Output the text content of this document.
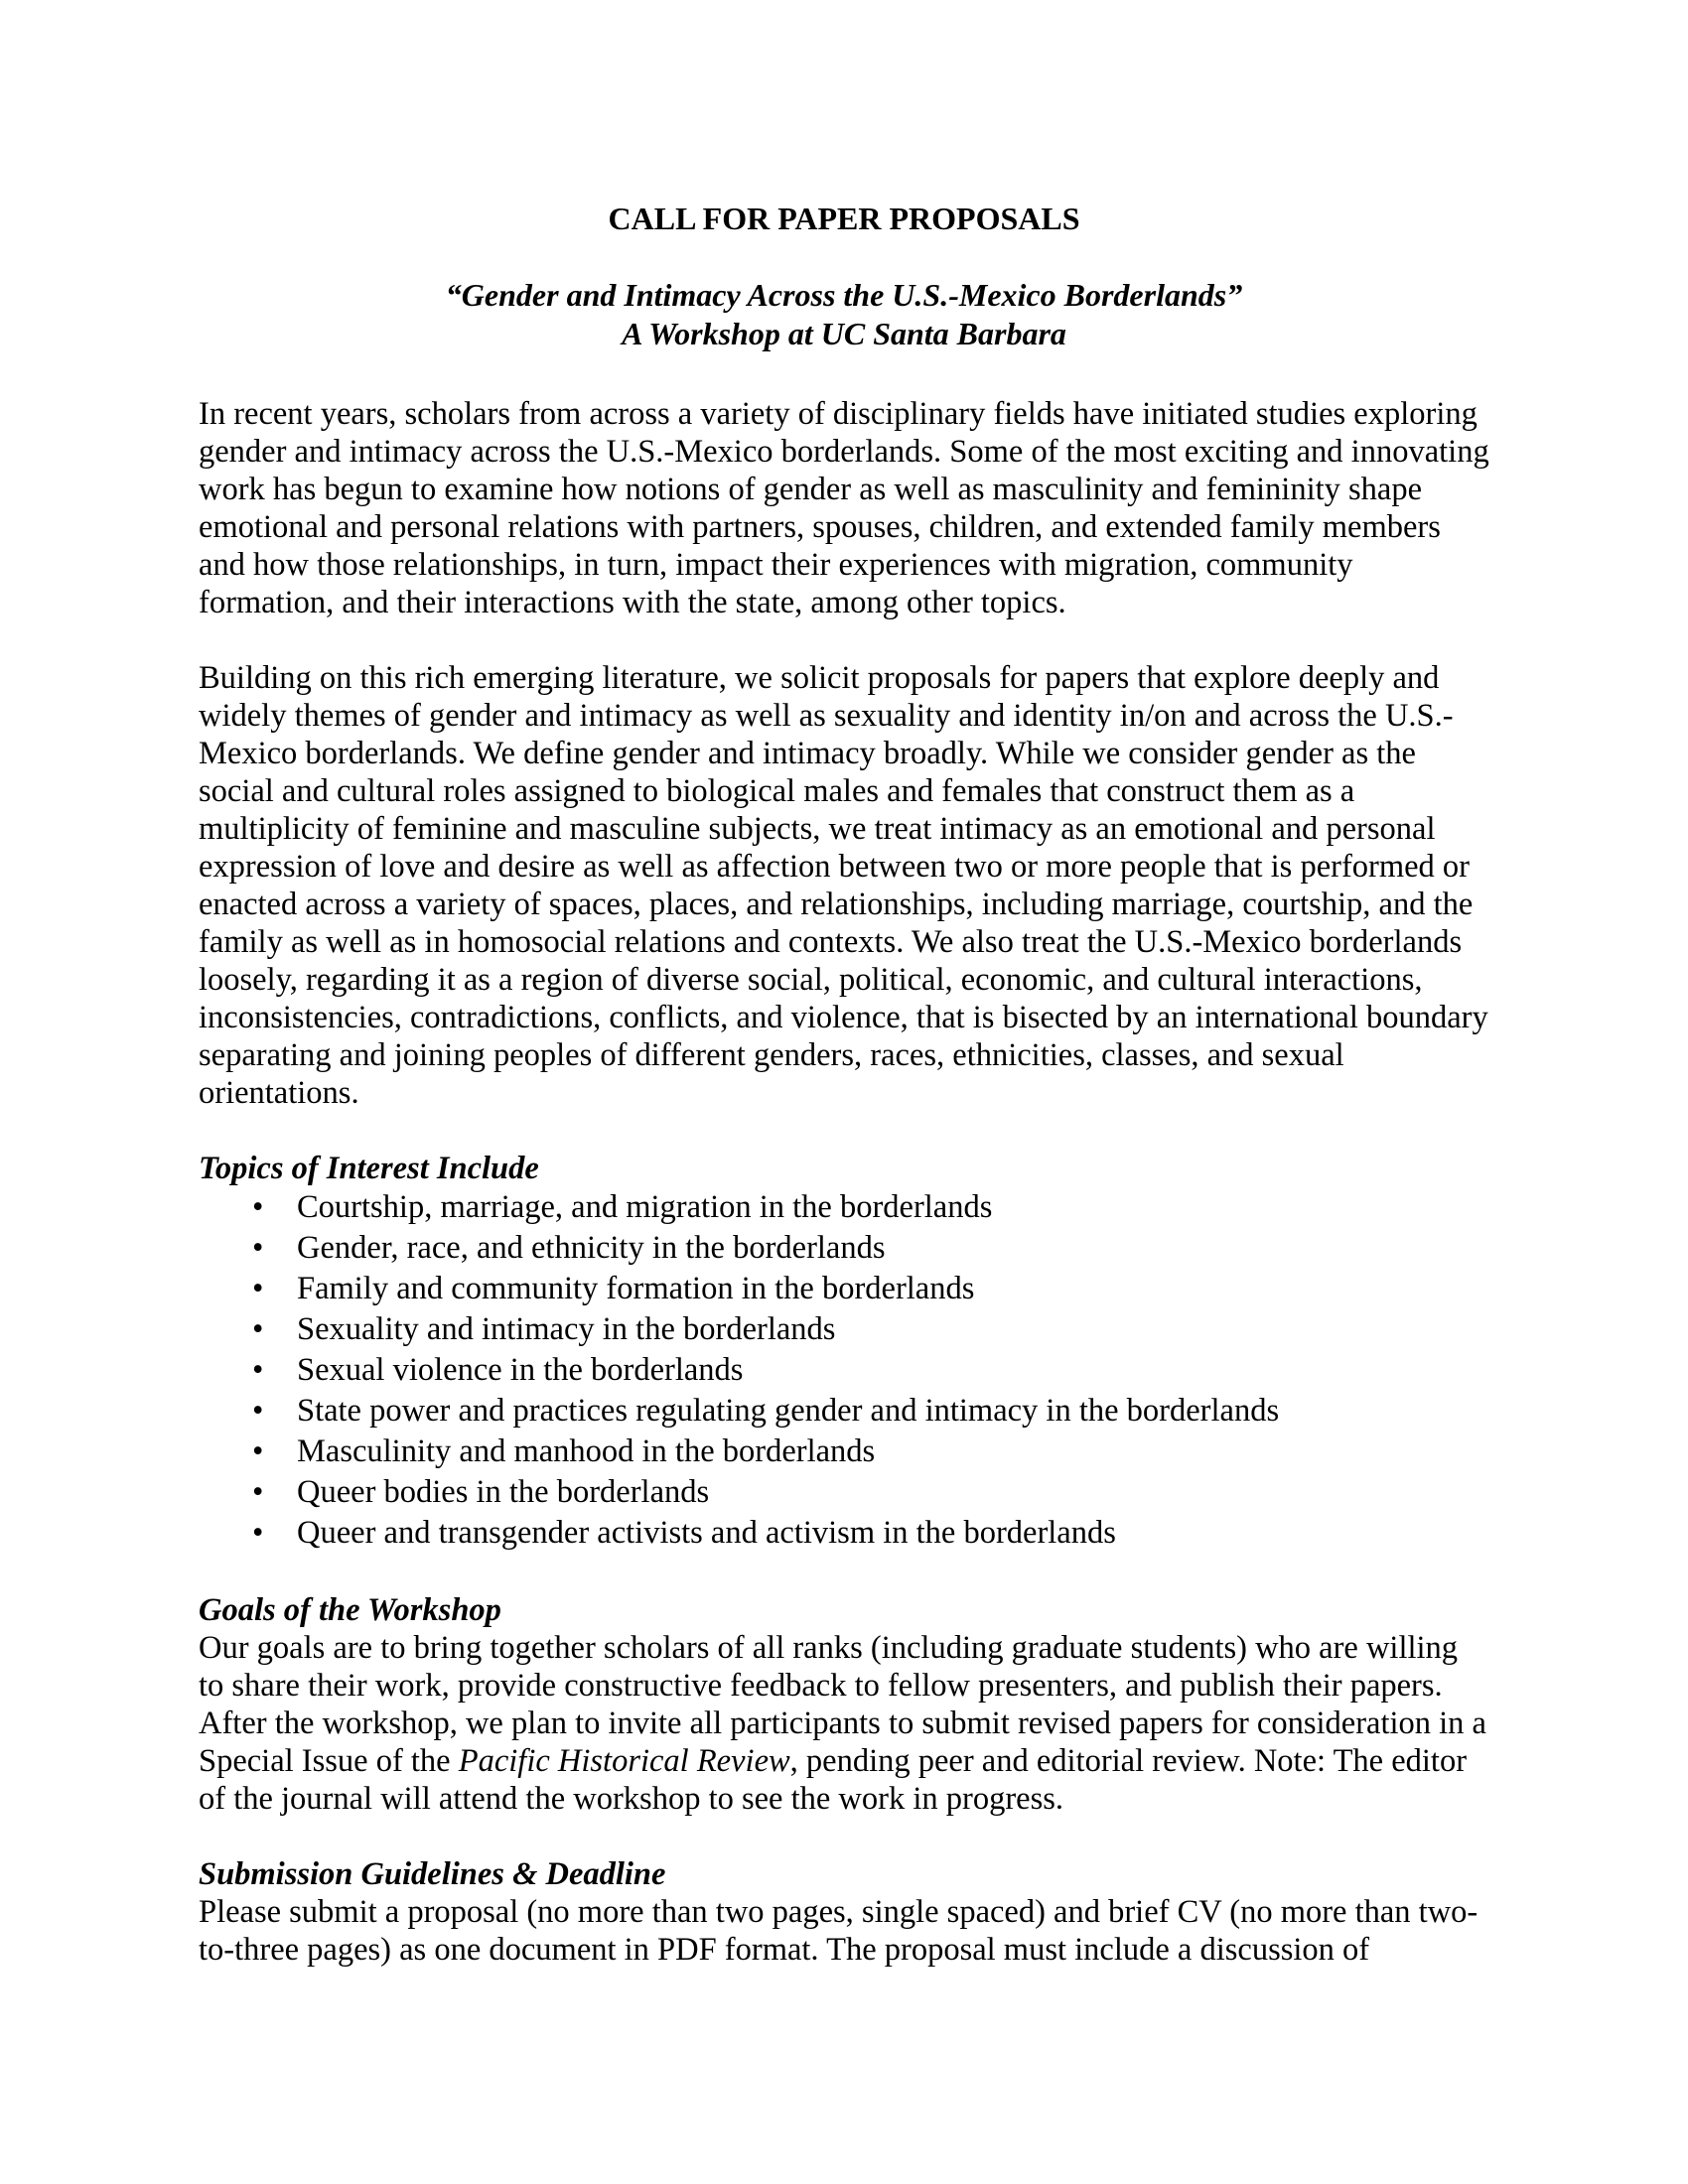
CALL FOR PAPER PROPOSALS
“Gender and Intimacy Across the U.S.-Mexico Borderlands”
A Workshop at UC Santa Barbara

In recent years, scholars from across a variety of disciplinary fields have initiated studies exploring gender and intimacy across the U.S.-Mexico borderlands. Some of the most exciting and innovating work has begun to examine how notions of gender as well as masculinity and femininity shape emotional and personal relations with partners, spouses, children, and extended family members and how those relationships, in turn, impact their experiences with migration, community formation, and their interactions with the state, among other topics.

Building on this rich emerging literature, we solicit proposals for papers that explore deeply and widely themes of gender and intimacy as well as sexuality and identity in/on and across the U.S.-Mexico borderlands. We define gender and intimacy broadly. While we consider gender as the social and cultural roles assigned to biological males and females that construct them as a multiplicity of feminine and masculine subjects, we treat intimacy as an emotional and personal expression of love and desire as well as affection between two or more people that is performed or enacted across a variety of spaces, places, and relationships, including marriage, courtship, and the family as well as in homosocial relations and contexts. We also treat the U.S.-Mexico borderlands loosely, regarding it as a region of diverse social, political, economic, and cultural interactions, inconsistencies, contradictions, conflicts, and violence, that is bisected by an international boundary separating and joining peoples of different genders, races, ethnicities, classes, and sexual orientations.

Topics of Interest Include

• Courtship, marriage, and migration in the borderlands
• Gender, race, and ethnicity in the borderlands
• Family and community formation in the borderlands
• Sexuality and intimacy in the borderlands
• Sexual violence in the borderlands
• State power and practices regulating gender and intimacy in the borderlands
• Masculinity and manhood in the borderlands
• Queer bodies in the borderlands
• Queer and transgender activists and activism in the borderlands

Goals of the Workshop

Our goals are to bring together scholars of all ranks (including graduate students) who are willing to share their work, provide constructive feedback to fellow presenters, and publish their papers. After the workshop, we plan to invite all participants to submit revised papers for consideration in a Special Issue of the Pacific Historical Review, pending peer and editorial review. Note: The editor of the journal will attend the workshop to see the work in progress.

Submission Guidelines & Deadline

Please submit a proposal (no more than two pages, single spaced) and brief CV (no more than two-to-three pages) as one document in PDF format. The proposal must include a discussion of
